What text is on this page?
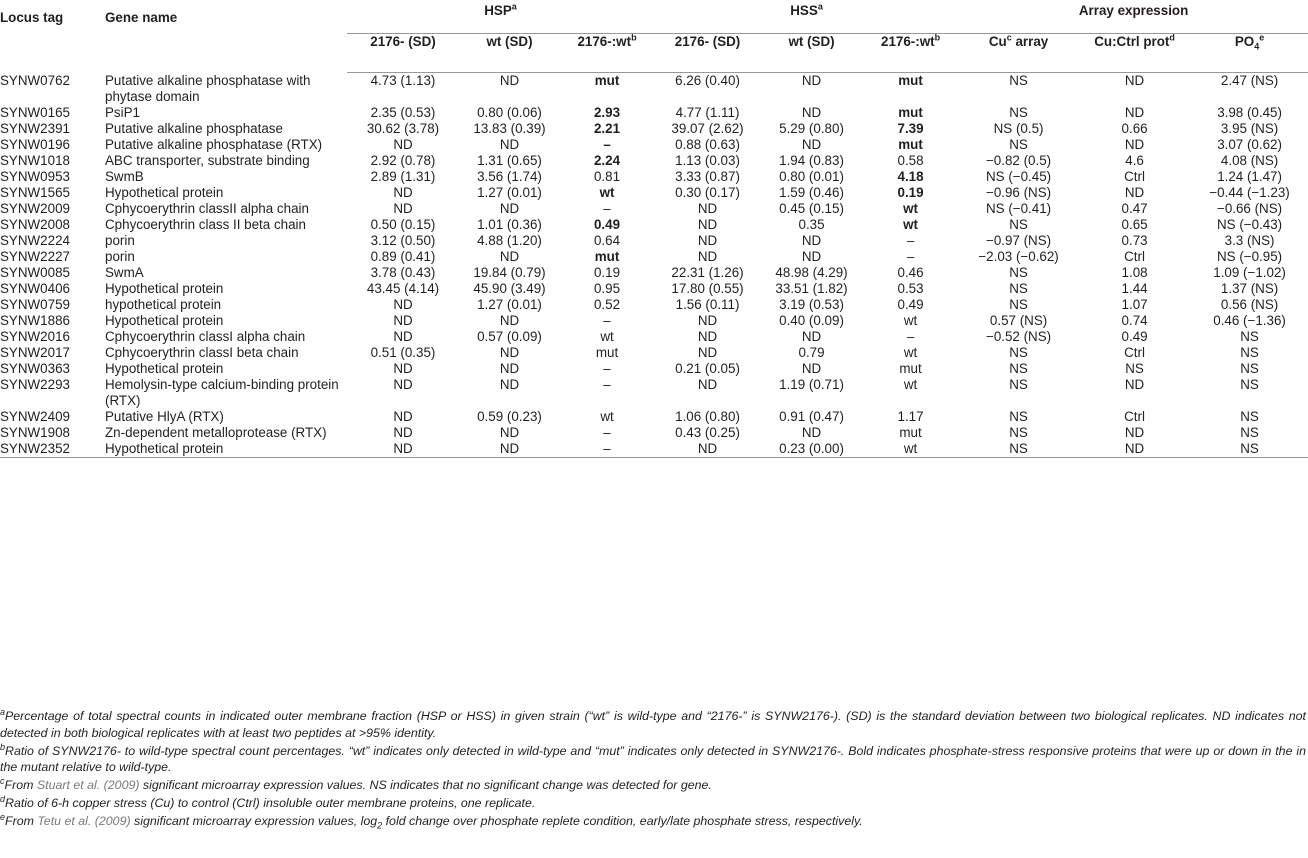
Locus tag	Gene name	HSP$^a$			HSS$^a$			Array expression		
		2176- (SD)	wt (SD)	$2176-:wt^b$	2176- (SD)	wt (SD)	$2176-:wt^b$	Cu$^c$ array	Cu:Ctrl prot$^d$	$PO_4^e$
SYNW0762	Putative alkaline phosphatase with phytase domain	4.73 (1.13)	ND	mut	6.26 (0.40)	ND	mut	NS	ND	2.47 (NS)
SYNW0165	PsiP1	2.35 (0.53)	0.80 (0.06)	2.93	4.77 (1.11)	ND	mut	NS	ND	3.98 (0.45)
SYNW2391	Putative alkaline phosphatase	30.62 (3.78)	13.83 (0.39)	2.21	39.07 (2.62)	5.29 (0.80)	7.39	NS (0.5)	0.66	3.95 (NS)
SYNW0196	Putative alkaline phosphatase (RTX)	ND	ND	–	0.88 (0.63)	ND	mut	NS	ND	3.07 (0.62)
SYNW1018	ABC transporter, substrate binding	2.92 (0.78)	1.31 (0.65)	2.24	1.13 (0.03)	1.94 (0.83)	0.58	−0.82 (0.5)	4.6	4.08 (NS)
SYNW0953	SwmB	2.89 (1.31)	3.56 (1.74)	0.81	3.33 (0.87)	0.80 (0.01)	4.18	NS (−0.45)	Ctrl	1.24 (1.47)
SYNW1565	Hypothetical protein	ND	1.27 (0.01)	wt	0.30 (0.17)	1.59 (0.46)	0.19	−0.96 (NS)	ND	−0.44 (−1.23)
SYNW2009	Cphycoerythrin classII alpha chain	ND	ND	–	ND	0.45 (0.15)	wt	NS (−0.41)	0.47	−0.66 (NS)
SYNW2008	Cphycoerythrin class II beta chain	0.50 (0.15)	1.01 (0.36)	0.49	ND	0.35	wt	NS	0.65	NS (−0.43)
SYNW2224	porin	3.12 (0.50)	4.88 (1.20)	0.64	ND	ND	–	−0.97 (NS)	0.73	3.3 (NS)
SYNW2227	porin	0.89 (0.41)	ND	mut	ND	ND	–	−2.03 (−0.62)	Ctrl	NS (−0.95)
SYNW0085	SwmA	3.78 (0.43)	19.84 (0.79)	0.19	22.31 (1.26)	48.98 (4.29)	0.46	NS	1.08	1.09 (−1.02)
SYNW0406	Hypothetical protein	43.45 (4.14)	45.90 (3.49)	0.95	17.80 (0.55)	33.51 (1.82)	0.53	NS	1.44	1.37 (NS)
SYNW0759	hypothetical protein	ND	1.27 (0.01)	0.52	1.56 (0.11)	3.19 (0.53)	0.49	NS	1.07	0.56 (NS)
SYNW1886	Hypothetical protein	ND	ND	–	ND	0.40 (0.09)	wt	0.57 (NS)	0.74	0.46 (−1.36)
SYNW2016	Cphycoerythrin classI alpha chain	ND	0.57 (0.09)	wt	ND	ND	–	−0.52 (NS)	0.49	NS
SYNW2017	Cphycoerythrin classI beta chain	0.51 (0.35)	ND	mut	ND	0.79	wt	NS	Ctrl	NS
SYNW0363	Hypothetical protein	ND	ND	–	0.21 (0.05)	ND	mut	NS	NS	NS
SYNW2293	Hemolysin-type calcium-binding protein (RTX)	ND	ND	–	ND	1.19 (0.71)	wt	NS	ND	NS
SYNW2409	Putative HlyA (RTX)	ND	0.59 (0.23)	wt	1.06 (0.80)	0.91 (0.47)	1.17	NS	Ctrl	NS
SYNW1908	Zn-dependent metalloprotease (RTX)	ND	ND	–	0.43 (0.25)	ND	mut	NS	ND	NS
SYNW2352	Hypothetical protein	ND	ND	–	ND	0.23 (0.00)	wt	NS	ND	NS

$^a$Percentage of total spectral counts in indicated outer membrane fraction (HSP or HSS) in given strain (“wt” is wild-type and “2176-” is SYNW2176-). (SD) is the standard deviation between two biological replicates. ND indicates not detected in both biological replicates with at least two peptides at >95% identity.

$^b$Ratio of SYNW2176- to wild-type spectral count percentages. “wt” indicates only detected in wild-type and “mut” indicates only detected in SYNW2176-. Bold indicates phosphate-stress responsive proteins that were up or down in the in the mutant relative to wild-type.

$^c$From Stuart et al. (2009) significant microarray expression values. NS indicates that no significant change was detected for gene.

$^d$Ratio of 6-h copper stress (Cu) to control (Ctrl) insoluble outer membrane proteins, one replicate.

$^e$From Tetu et al. (2009) significant microarray expression values, $\log_2$ fold change over phosphate replete condition, early/late phosphate stress, respectively.
